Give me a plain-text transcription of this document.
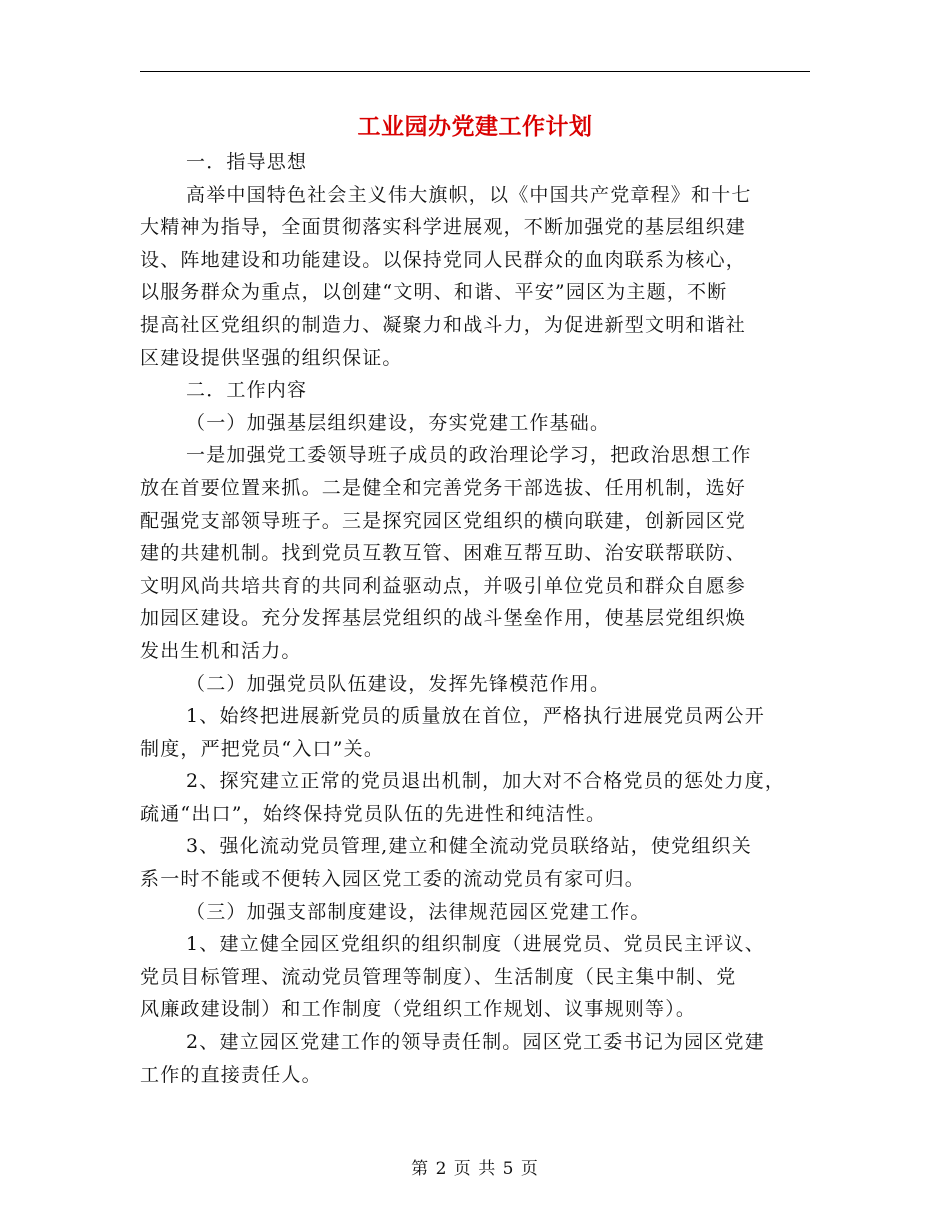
工业园办党建工作计划
一．指导思想
高举中国特色社会主义伟大旗帜，以《中国共产党章程》和十七
大精神为指导，全面贯彻落实科学进展观，不断加强党的基层组织建
设、阵地建设和功能建设。以保持党同人民群众的血肉联系为核心，
以服务群众为重点，以创建“文明、和谐、平安”园区为主题，不断
提高社区党组织的制造力、凝聚力和战斗力，为促进新型文明和谐社
区建设提供坚强的组织保证。
二．工作内容
（一）加强基层组织建设，夯实党建工作基础。
一是加强党工委领导班子成员的政治理论学习，把政治思想工作
放在首要位置来抓。二是健全和完善党务干部选拔、任用机制，选好
配强党支部领导班子。三是探究园区党组织的横向联建，创新园区党
建的共建机制。找到党员互教互管、困难互帮互助、治安联帮联防、
文明风尚共培共育的共同利益驱动点，并吸引单位党员和群众自愿参
加园区建设。充分发挥基层党组织的战斗堡垒作用，使基层党组织焕
发出生机和活力。
（二）加强党员队伍建设，发挥先锋模范作用。
1、始终把进展新党员的质量放在首位，严格执行进展党员两公开
制度，严把党员“入口”关。
2、探究建立正常的党员退出机制，加大对不合格党员的惩处力度，
疏通“出口”，始终保持党员队伍的先进性和纯洁性。
3、强化流动党员管理,建立和健全流动党员联络站，使党组织关
系一时不能或不便转入园区党工委的流动党员有家可归。
（三）加强支部制度建设，法律规范园区党建工作。
1、建立健全园区党组织的组织制度（进展党员、党员民主评议、
党员目标管理、流动党员管理等制度）、生活制度（民主集中制、党
风廉政建设制）和工作制度（党组织工作规划、议事规则等）。
2、建立园区党建工作的领导责任制。园区党工委书记为园区党建
工作的直接责任人。
第 2 页 共 5 页
